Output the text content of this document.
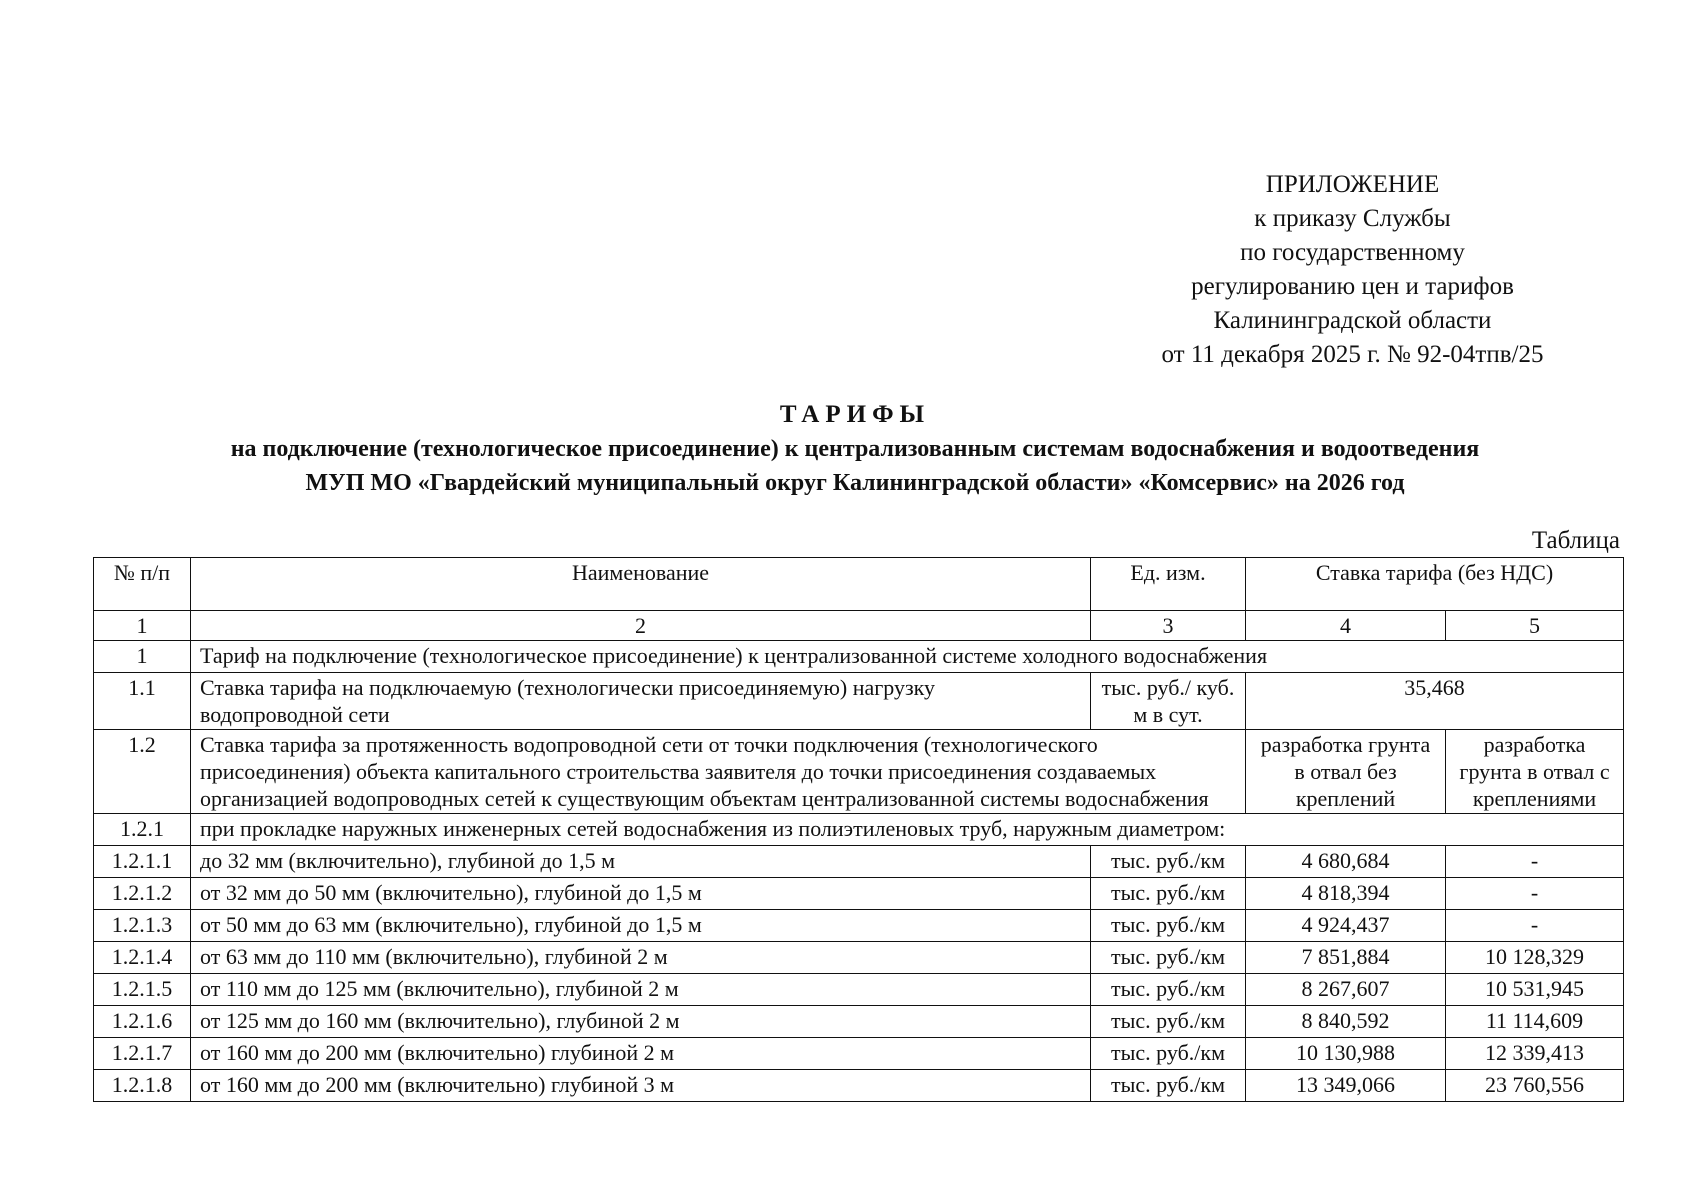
ПРИЛОЖЕНИЕ
к приказу Службы
по государственному
регулированию цен и тарифов
Калининградской области
от 11 декабря 2025 г. № 92-04тпв/25
ТАРИФЫ
на подключение (технологическое присоединение) к централизованным системам водоснабжения и водоотведения
МУП МО «Гвардейский муниципальный округ Калининградской области» «Комсервис» на 2026 год
Таблица
№ п/п	Наименование	Ед. изм.	Ставка тарифа (без НДС)	
1	2	3	4	5
1	Тариф на подключение (технологическое присоединение) к централизованной системе холодного водоснабжения			
1.1	Ставка тарифа на подключаемую (технологически присоединяемую) нагрузку водопроводной сети	тыс. руб./ куб. м в сут.	35,468	
1.2	Ставка тарифа за протяженность водопроводной сети от точки подключения (технологического присоединения) объекта капитального строительства заявителя до точки присоединения создаваемых организацией водопроводных сетей к существующим объектам централизованной системы водоснабжения		разработка грунта в отвал без креплений	разработка грунта в отвал с креплениями
1.2.1	при прокладке наружных инженерных сетей водоснабжения из полиэтиленовых труб, наружным диаметром:			
1.2.1.1	до 32 мм (включительно), глубиной до 1,5 м	тыс. руб./км	4 680,684	-
1.2.1.2	от 32 мм до 50 мм (включительно), глубиной до 1,5 м	тыс. руб./км	4 818,394	-
1.2.1.3	от 50 мм до 63 мм (включительно), глубиной до 1,5 м	тыс. руб./км	4 924,437	-
1.2.1.4	от 63 мм до 110 мм (включительно), глубиной 2 м	тыс. руб./км	7 851,884	10 128,329
1.2.1.5	от 110 мм до 125 мм (включительно), глубиной 2 м	тыс. руб./км	8 267,607	10 531,945
1.2.1.6	от 125 мм до 160 мм (включительно), глубиной 2 м	тыс. руб./км	8 840,592	11 114,609
1.2.1.7	от 160 мм до 200 мм (включительно) глубиной 2 м	тыс. руб./км	10 130,988	12 339,413
1.2.1.8	от 160 мм до 200 мм (включительно) глубиной 3 м	тыс. руб./км	13 349,066	23 760,556
